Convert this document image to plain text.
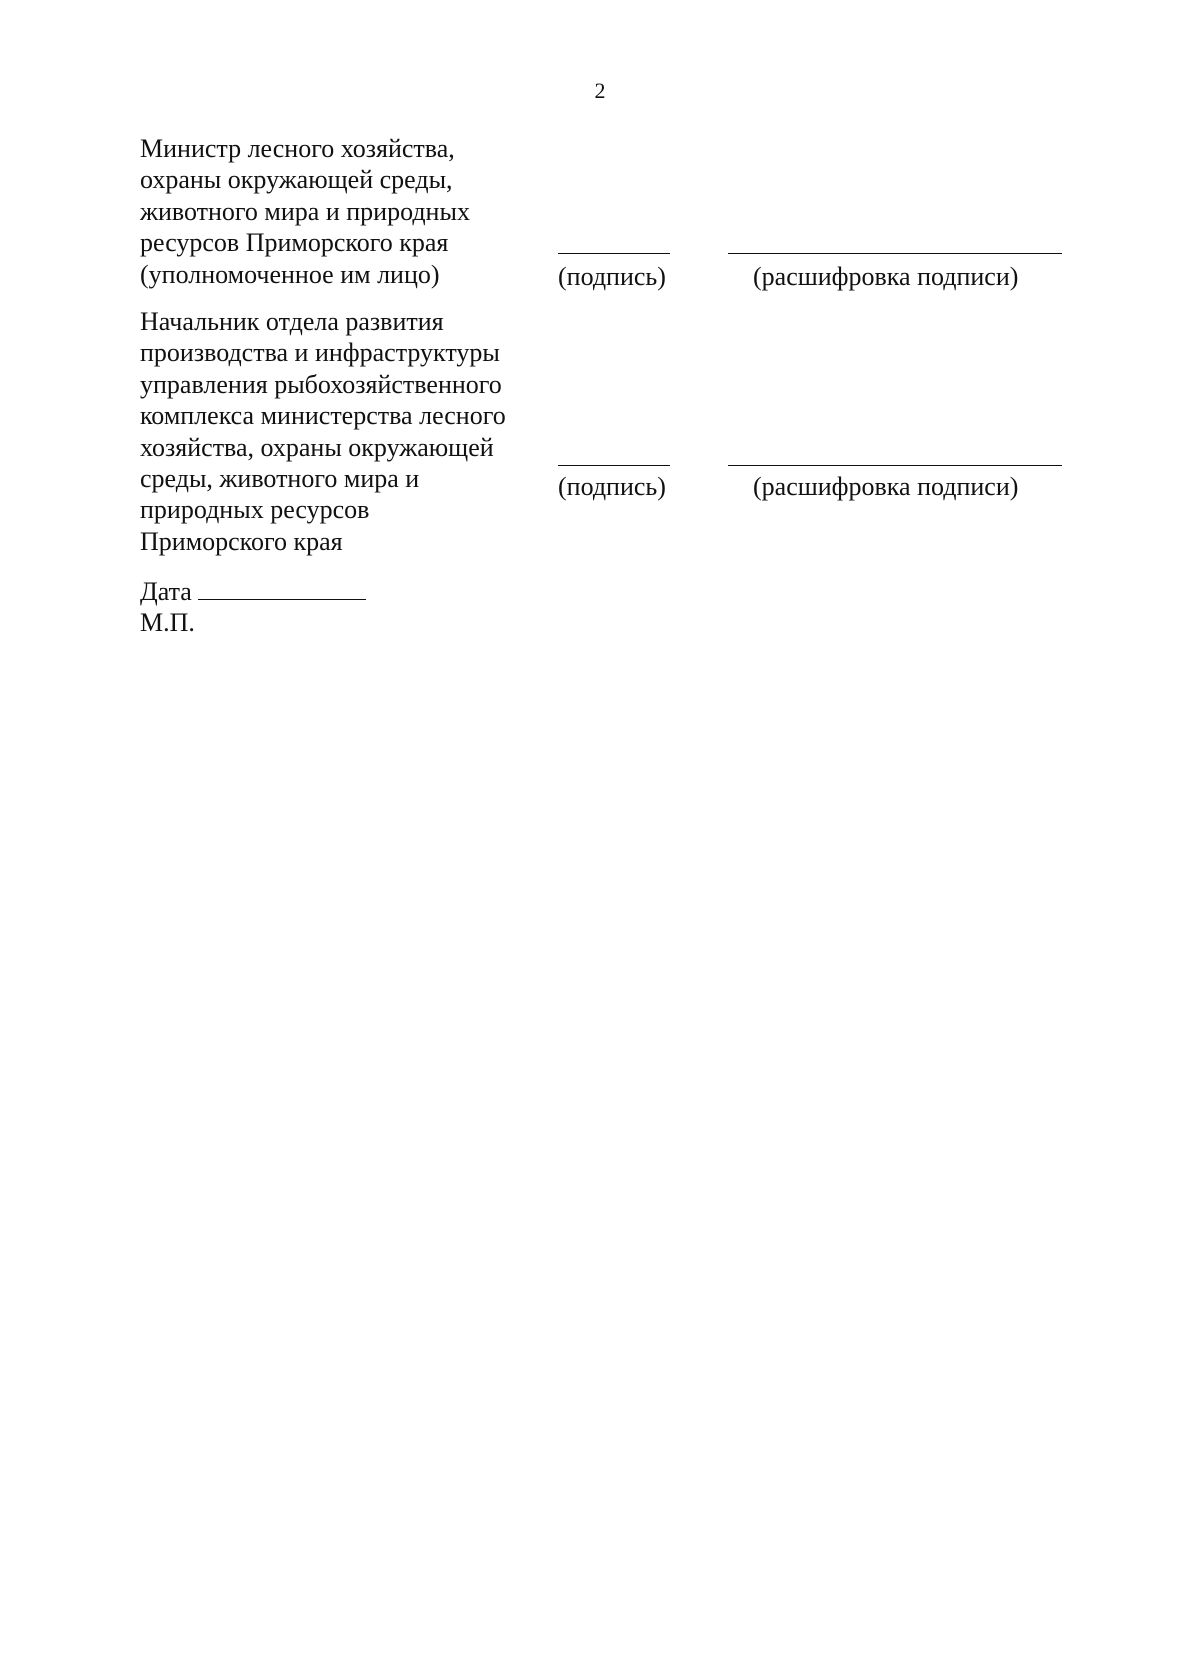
2
Министр лесного хозяйства,
охраны окружающей среды,
животного мира и природных
ресурсов Приморского края
(уполномоченное им лицо)	(подпись)	(расшифровка подписи)
Начальник отдела развития
производства и инфраструктуры
управления рыбохозяйственного
комплекса министерства лесного
хозяйства, охраны окружающей
среды, животного мира и
природных ресурсов
Приморского края
(подпись)	(расшифровка подписи)
Дата
М.П.
